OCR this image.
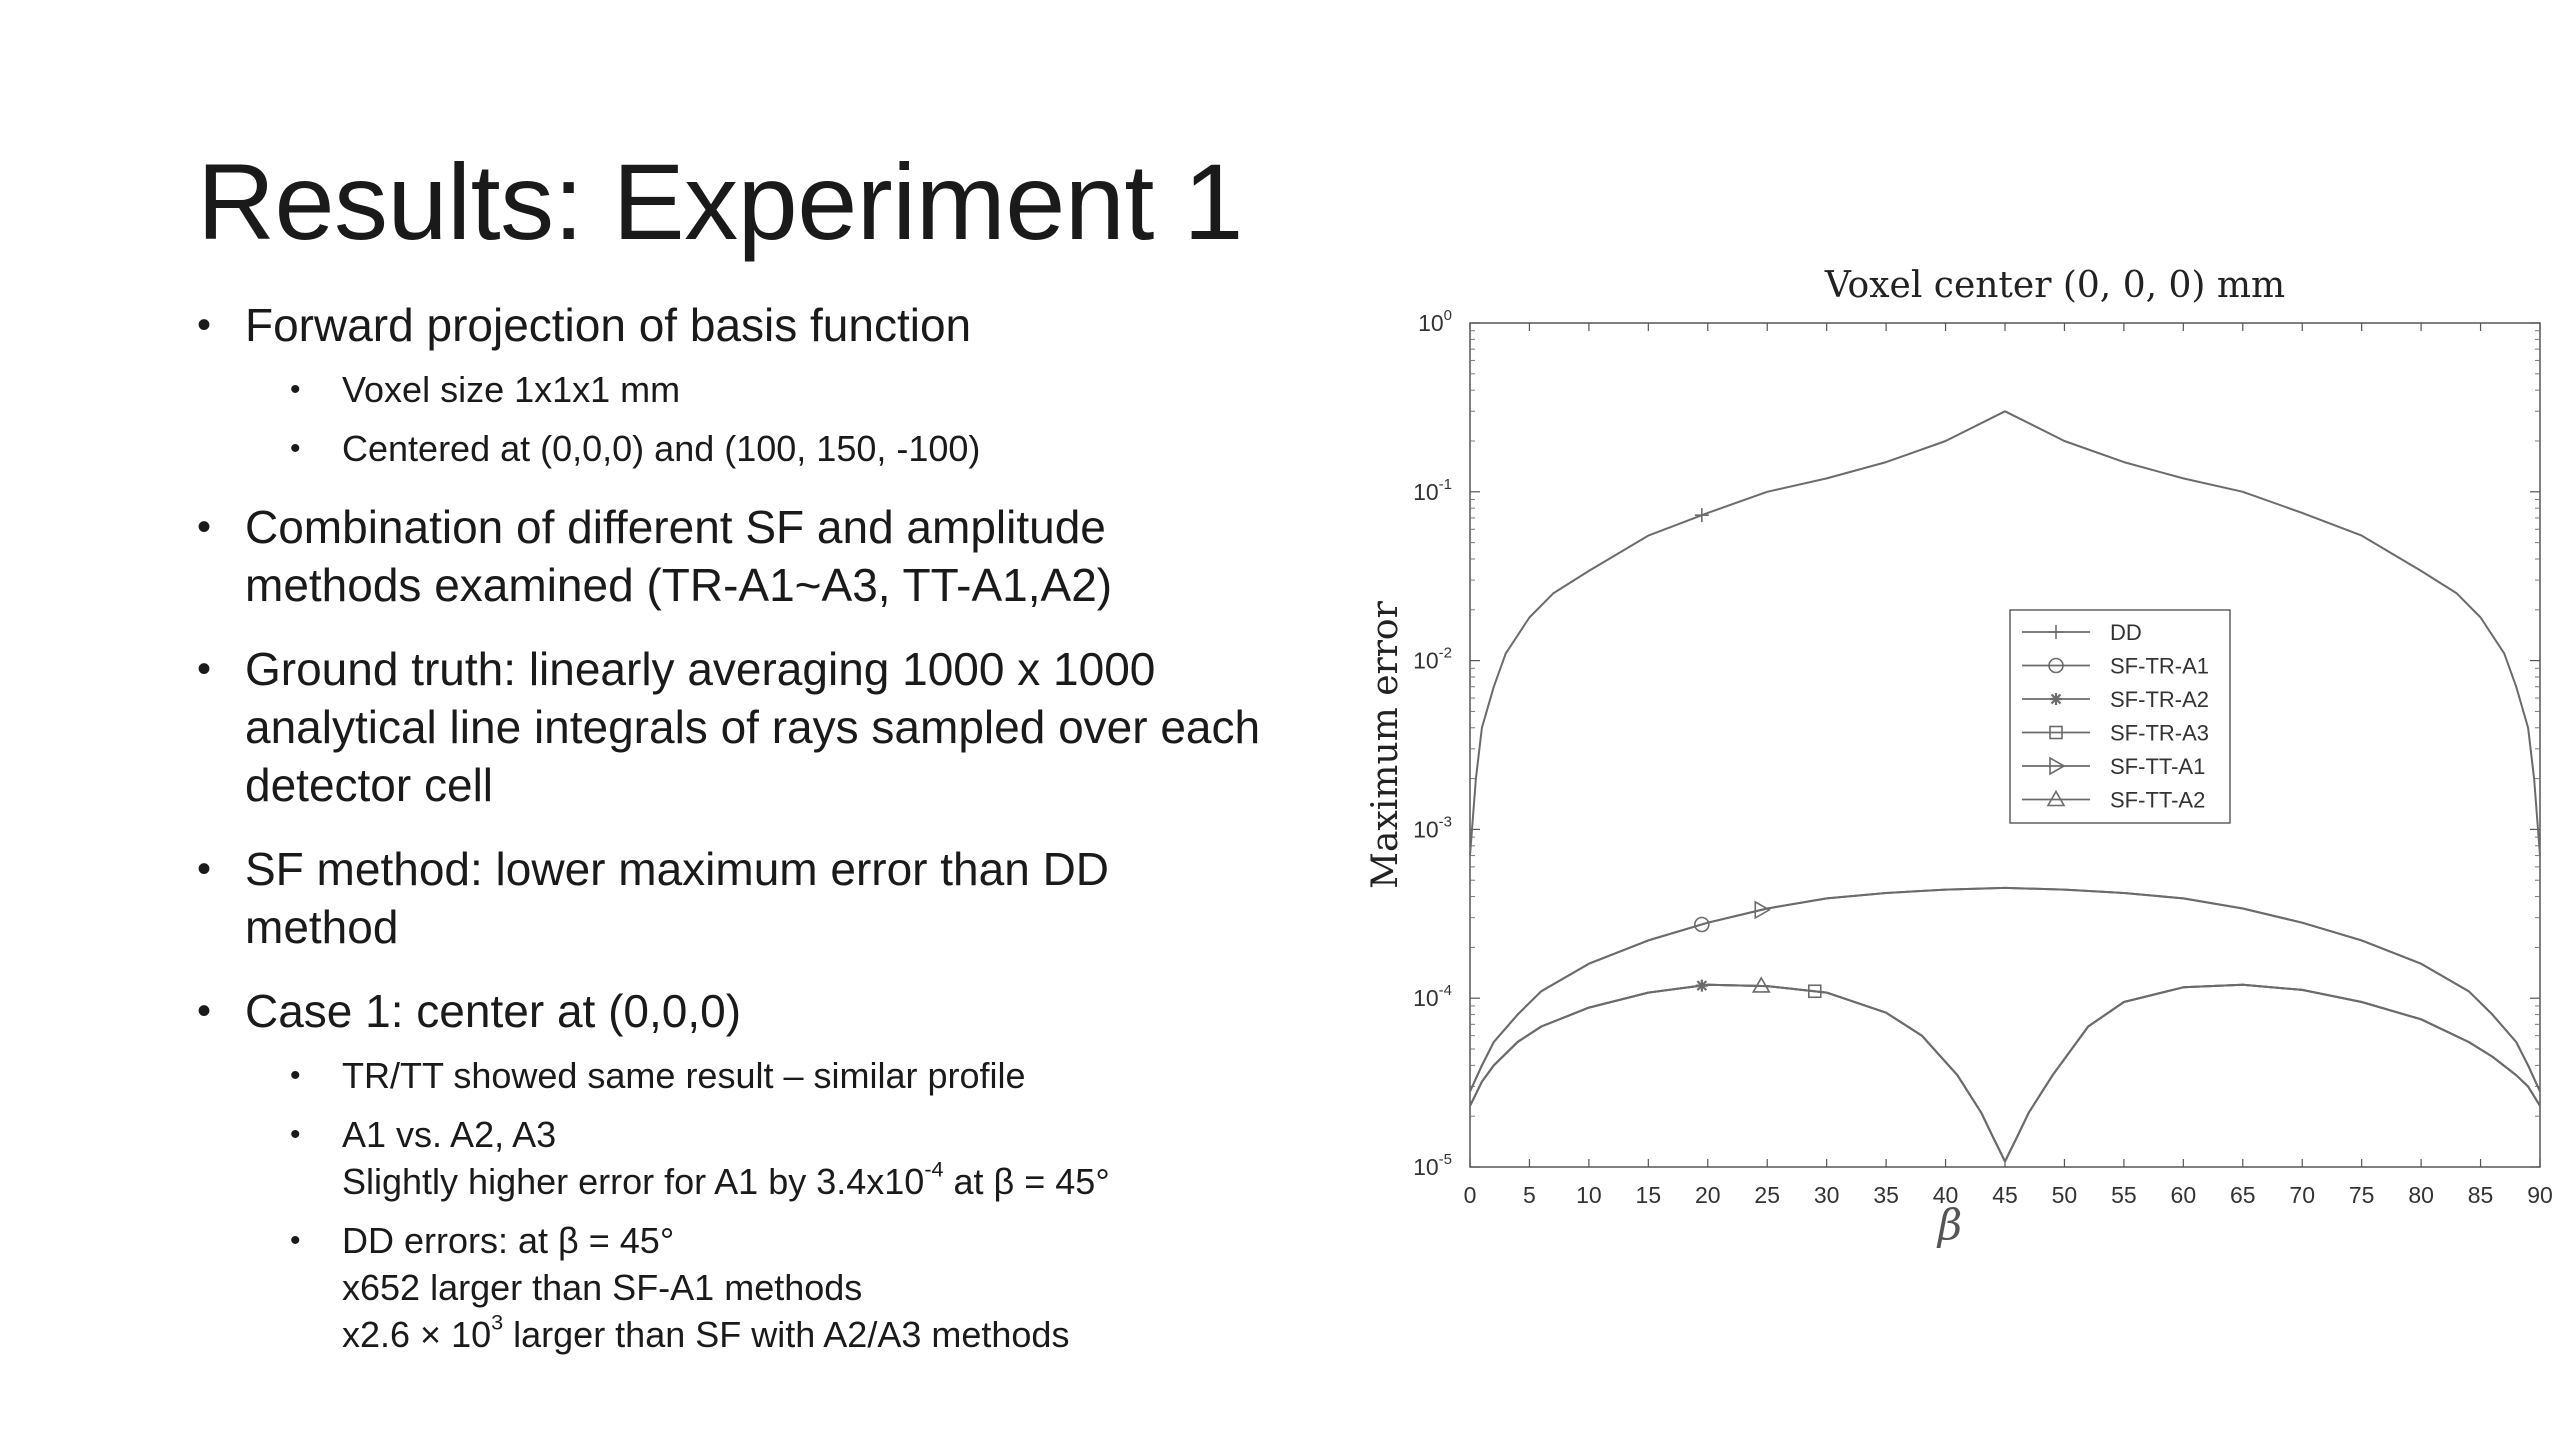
Results: Experiment 1
• Forward projection of basis function
• Voxel size 1x1x1 mm
• Centered at (0,0,0) and (100, 150, -100)
• Combination of different SF and amplitude
methods examined (TR-A1~A3, TT-A1,A2)
• Ground truth: linearly averaging 1000 x 1000
analytical line integrals of rays sampled over each
detector cell
• SF method: lower maximum error than DD
method
• Case 1: center at (0,0,0)
• TR/TT showed same result – similar profile
• A1 vs. A2, A3
Slightly higher error for A1 by $3.4x10^{-4}$ at β = 45°
• DD errors: at β = 45°
x652 larger than SF-A1 methods
$x2.6 \times 10^3$ larger than SF with A2/A3 methods
Voxel center (0, 0, 0) mm
0 5 10 15 20 25 30 35 40 45 50 55 60 65 70 75 80 85 90
$10^0$
$10^{-1}$
$10^{-2}$
$10^{-3}$
$10^{-4}$
$10^{-5}$
Maximum error
β
DD
SF-TR-A1
SF-TR-A2
SF-TR-A3
SF-TT-A1
SF-TT-A2
